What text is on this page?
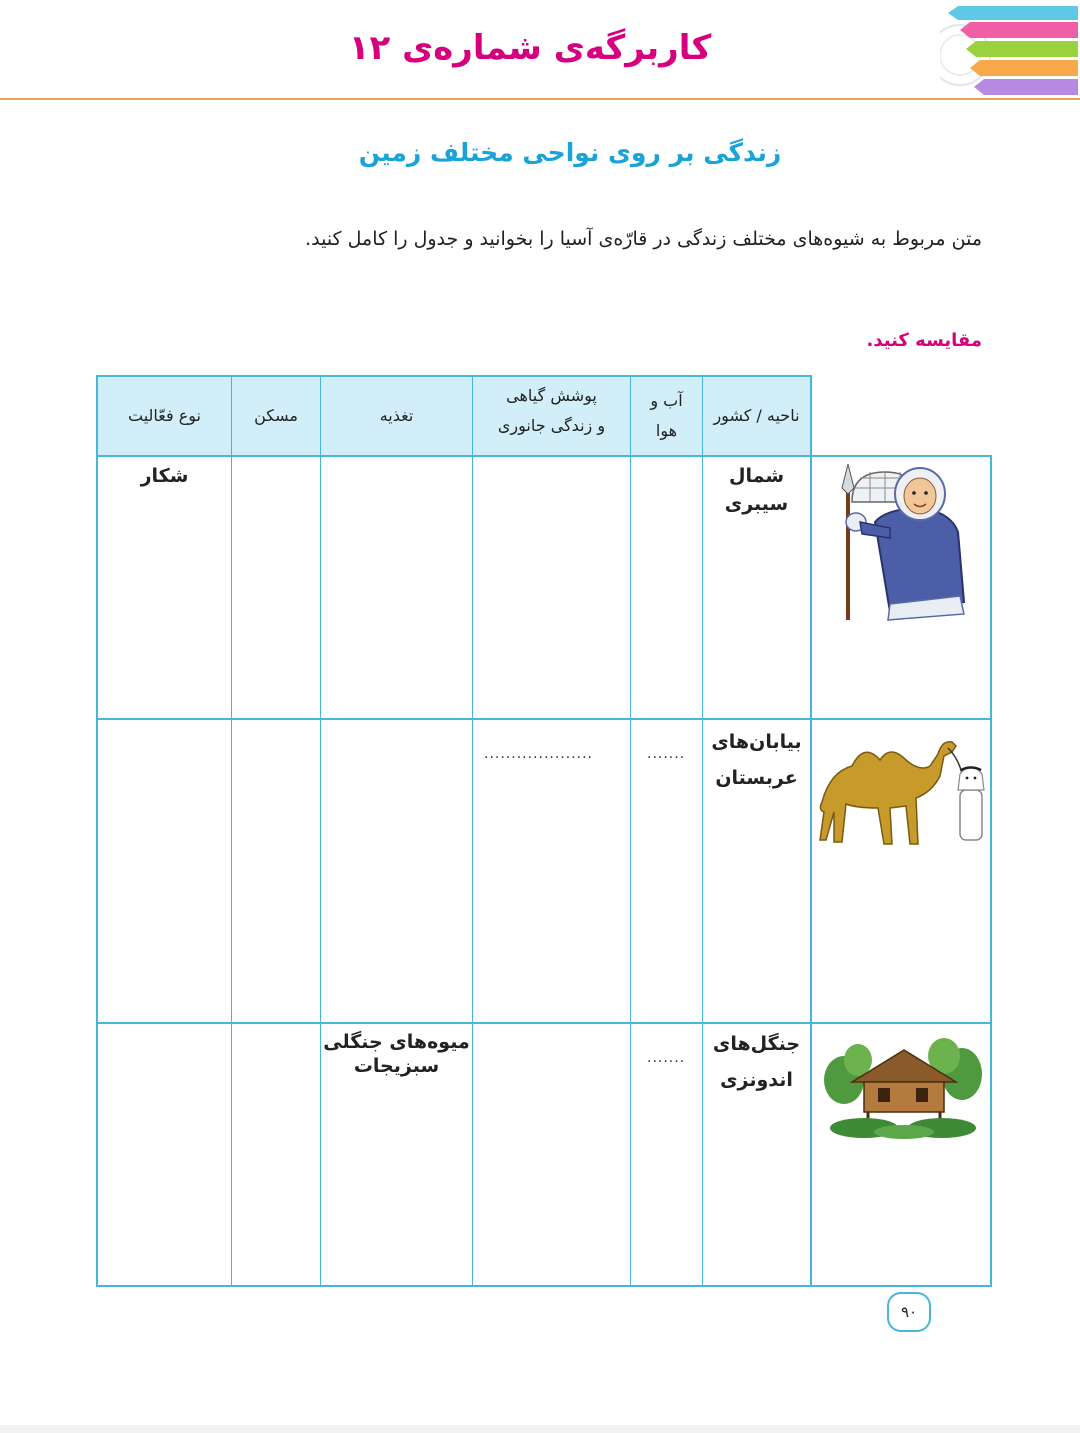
کاربرگه‌ی شماره‌ی ۱۲
زندگی بر روی نواحی مختلف زمین
متن مربوط به شیوه‌های مختلف زندگی در قارّه‌ی آسیا را بخوانید و جدول را کامل کنید.
مقایسه کنید.
ناحیه / کشور
آب و
هوا
پوشش گیاهی
و زندگی جانوری
تغذیه
مسکن
نوع فعّالیت
شمال
سیبری
شکار
بیابان‌های
عربستان
.......
....................
جنگل‌های
اندونزی
.......
میوه‌های جنگلی
سبزیجات
۹۰
